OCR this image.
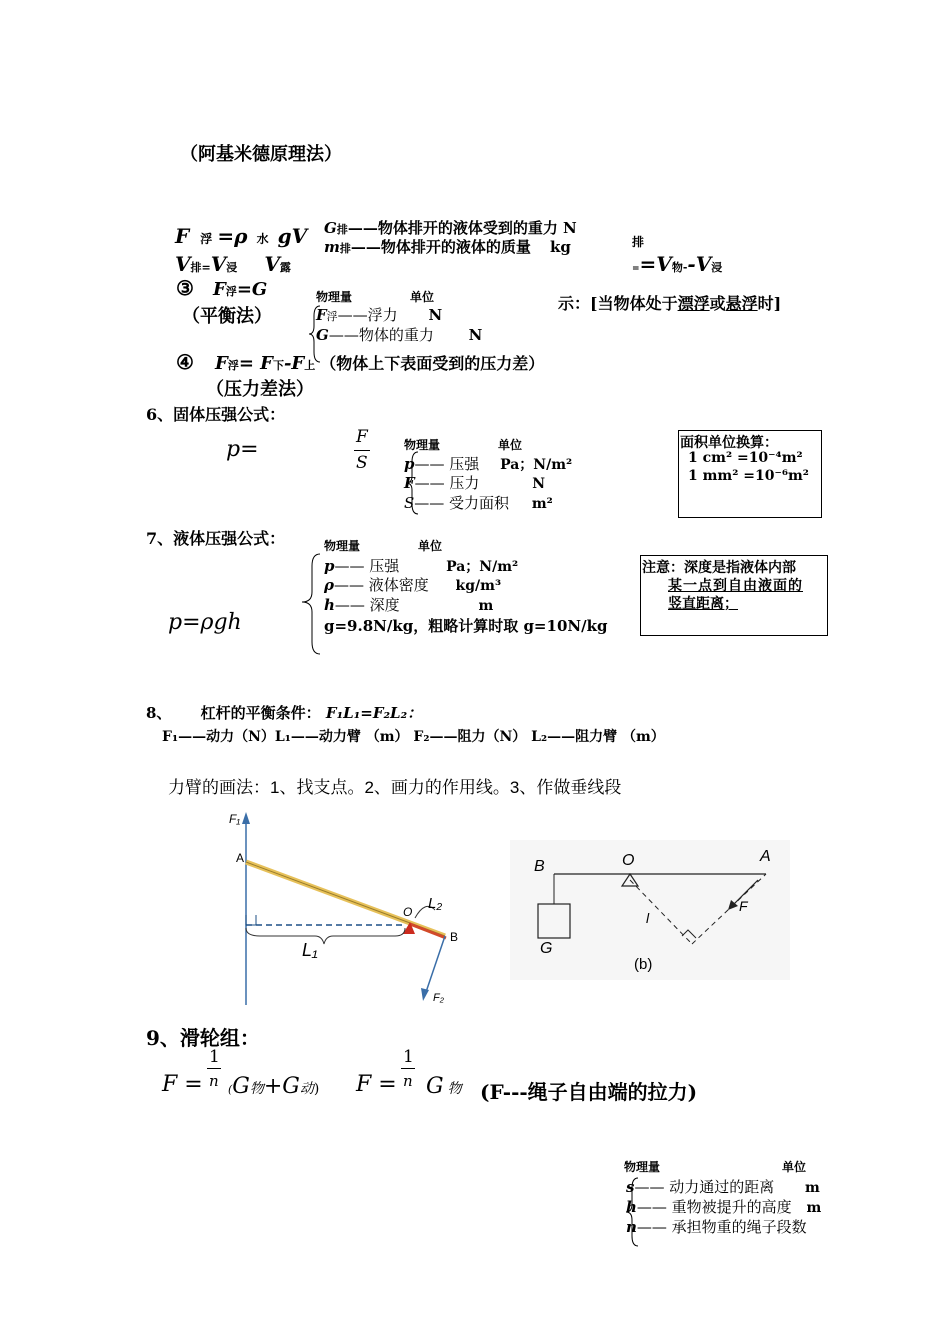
（阿基米德原理法）
F 浮 =ρ 水 gV	排
G排——物体排开的液体受到的重力 N
m排——物体排开的液体的质量 kg
V排=V浸 V露	==V物--V浸
③ F浮=G
（平衡法）
物理量	单位
F浮——浮力 N
G——物体的重力 N
示：[当物体处于漂浮或悬浮时]
④ F浮= F下-F上 （物体上下表面受到的压力差）
（压力差法）
6、固体压强公式：
p=	F
S
物理量	单位
p—— 压强 Pa；N/m²
F—— 压力	N
S—— 受力面积 m²
面积单位换算：
1 cm² =10⁻⁴m²
1 mm² =10⁻⁶m²
7、液体压强公式：
p=ρgh
物理量	单位
p—— 压强	Pa；N/m²
ρ—— 液体密度 kg/m³
h—— 深度	m
g=9.8N/kg，粗略计算时取 g=10N/kg
注意：深度是指液体内部
某一点到自由液面的
竖直距离；
8、 杠杆的平衡条件： F₁L₁=F₂L₂：
F₁——动力（N）L₁——动力臂 （m） F₂——阻力（N） L₂——阻力臂 （m）
力臂的画法：1、找支点。2、画力的作用线。3、作做垂线段
F₁
A
O L₂
B
L₁
F₂
B	O	A
l
F
G
(b)
9、滑轮组：
F =
1
n (G物+G动) F =
1
n G物 (F---绳子自由端的拉力)
物理量	单位
s—— 动力通过的距离 m
h—— 重物被提升的高度 m
n—— 承担物重的绳子段数
